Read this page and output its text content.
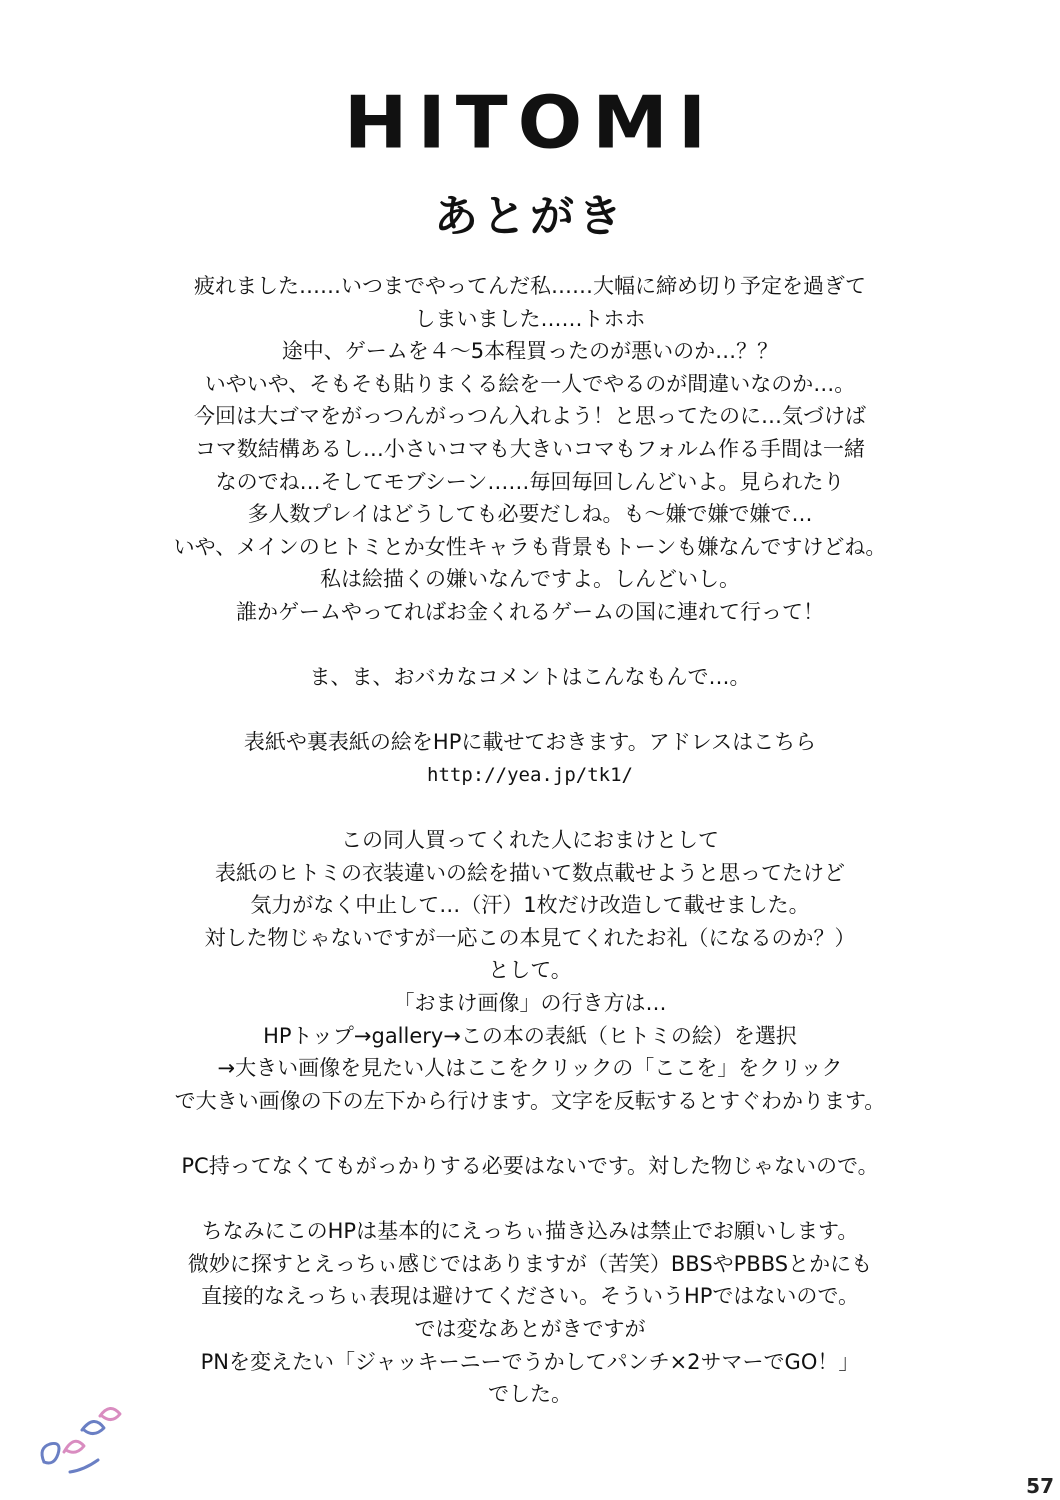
HITOMI
あとがき
疲れました……いつまでやってんだ私……大幅に締め切り予定を過ぎて
しまいました……トホホ
途中、ゲームを４～5本程買ったのが悪いのか…？？
いやいや、そもそも貼りまくる絵を一人でやるのが間違いなのか…。
今回は大ゴマをがっつんがっつん入れよう！と思ってたのに…気づけば
コマ数結構あるし…小さいコマも大きいコマもフォルム作る手間は一緒
なのでね…そしてモブシーン……毎回毎回しんどいよ。見られたり
多人数プレイはどうしても必要だしね。も～嫌で嫌で嫌で…
いや、メインのヒトミとか女性キャラも背景もトーンも嫌なんですけどね。
私は絵描くの嫌いなんですよ。しんどいし。
誰かゲームやってればお金くれるゲームの国に連れて行って！
ま、ま、おバカなコメントはこんなもんで…。
表紙や裏表紙の絵をHPに載せておきます。アドレスはこちら
http://yea.jp/tk1/
この同人買ってくれた人におまけとして
表紙のヒトミの衣装違いの絵を描いて数点載せようと思ってたけど
気力がなく中止して…（汗）1枚だけ改造して載せました。
対した物じゃないですが一応この本見てくれたお礼（になるのか？）
として。
「おまけ画像」の行き方は…
HPトップ→gallery→この本の表紙（ヒトミの絵）を選択
→大きい画像を見たい人はここをクリックの「ここを」をクリック
で大きい画像の下の左下から行けます。文字を反転するとすぐわかります。
PC持ってなくてもがっかりする必要はないです。対した物じゃないので。
ちなみにこのHPは基本的にえっちぃ描き込みは禁止でお願いします。
微妙に探すとえっちぃ感じではありますが（苦笑）BBSやPBBSとかにも
直接的なえっちぃ表現は避けてください。そういうHPではないので。
では変なあとがきですが
PNを変えたい「ジャッキーニーでうかしてパンチ×2サマーでGO！」
でした。
57
